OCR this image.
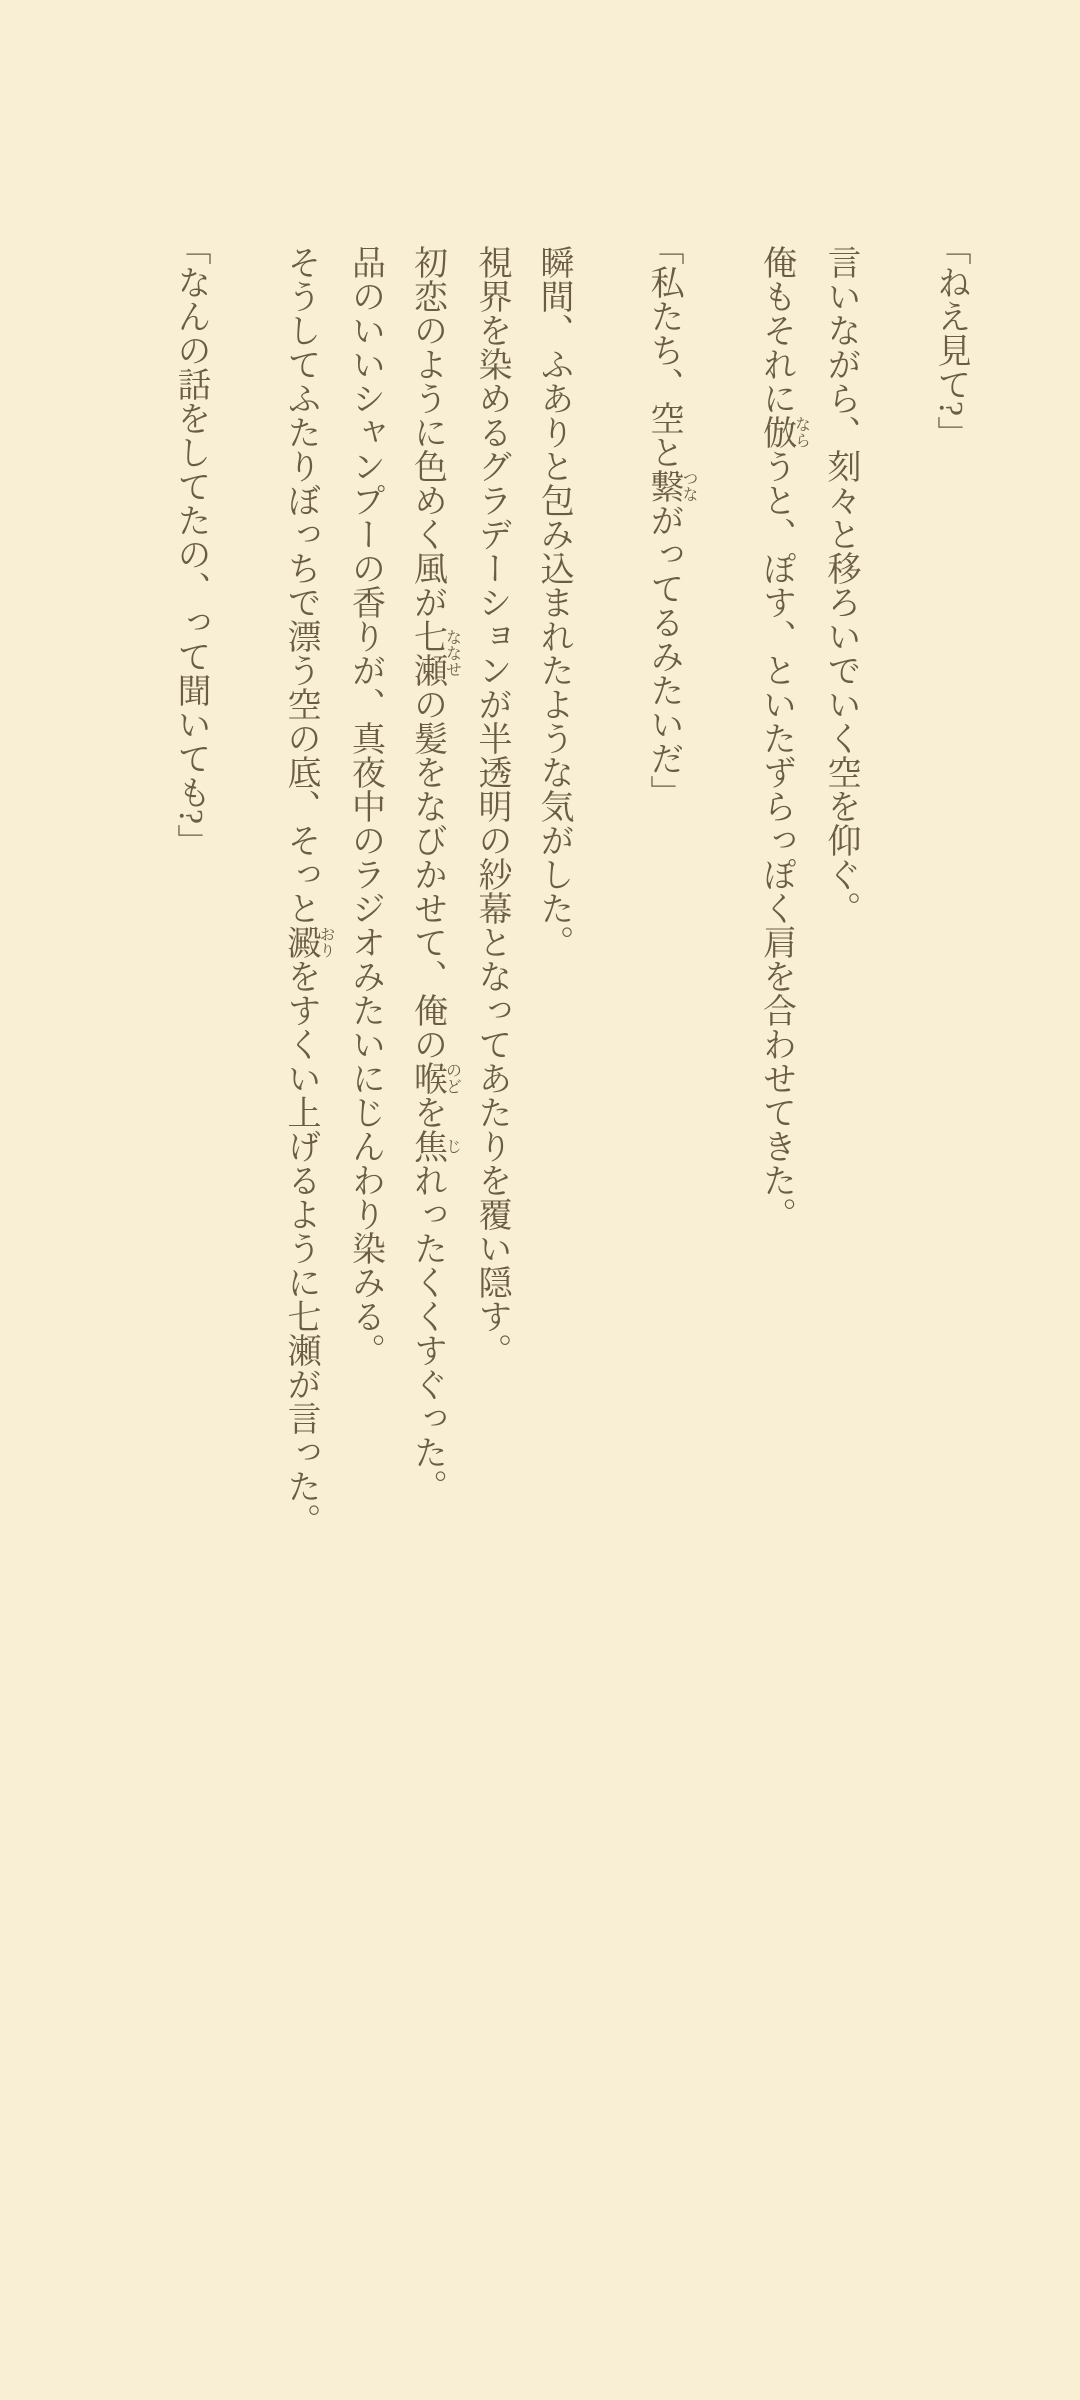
「ねえ見て?」

言いながら、刻々と移ろいでいく空を仰ぐ。

俺もそれに倣ならうと、ぽす、といたずらっぽく肩を合わせてきた。

「私たち、空と繋つながってるみたいだ」

瞬間、ふありと包み込まれたような気がした。

視界を染めるグラデーションが半透明の紗幕となってあたりを覆い隠す。

初恋のように色めく風が七瀬ななせの髪をなびかせて、俺の喉のどを焦じれったくくすぐった。

品のいいシャンプーの香りが、真夜中のラジオみたいにじんわり染みる。

そうしてふたりぼっちで漂う空の底、そっと澱おりをすくい上げるように七瀬が言った。

「なんの話をしてたの、って聞いても?」
